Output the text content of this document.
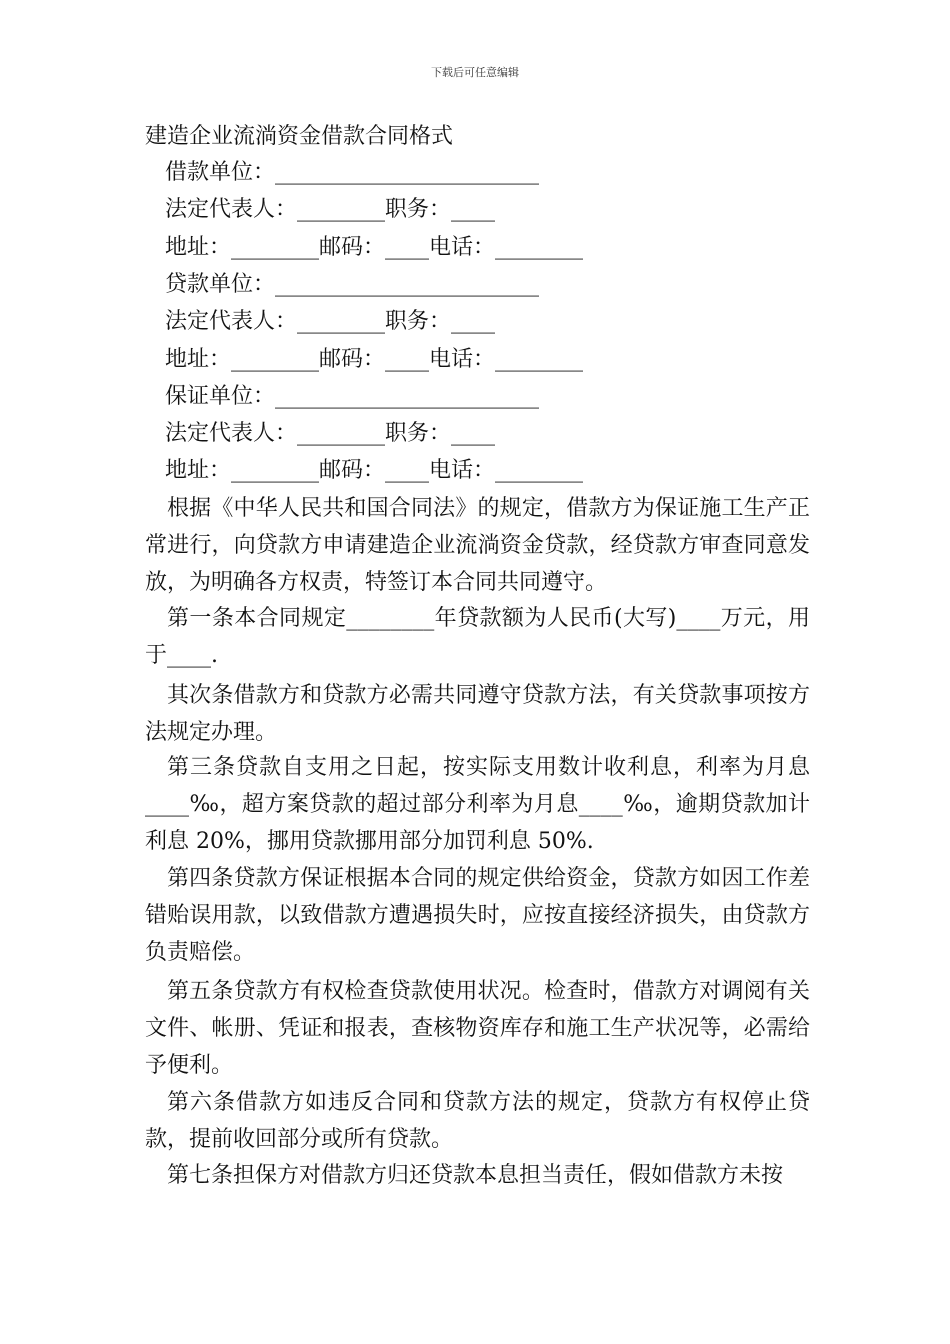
下载后可任意编辑
建造企业流淌资金借款合同格式
借款单位：________________________
法定代表人：________职务：____
地址：________邮码：____电话：________
贷款单位：________________________
法定代表人：________职务：____
地址：________邮码：____电话：________
保证单位：________________________
法定代表人：________职务：____
地址：________邮码：____电话：________
根据《中华人民共和国合同法》的规定，借款方为保证施工生产正常进行，向贷款方申请建造企业流淌资金贷款，经贷款方审查同意发放，为明确各方权责，特签订本合同共同遵守。
第一条本合同规定________年贷款额为人民币(大写)____万元，用于____.
其次条借款方和贷款方必需共同遵守贷款方法，有关贷款事项按方法规定办理。
第三条贷款自支用之日起，按实际支用数计收利息，利率为月息____‰，超方案贷款的超过部分利率为月息____‰，逾期贷款加计利息 20%，挪用贷款挪用部分加罚利息 50%.
第四条贷款方保证根据本合同的规定供给资金，贷款方如因工作差错贻误用款，以致借款方遭遇损失时，应按直接经济损失，由贷款方负责赔偿。
第五条贷款方有权检查贷款使用状况。检查时，借款方对调阅有关文件、帐册、凭证和报表，查核物资库存和施工生产状况等，必需给予便利。
第六条借款方如违反合同和贷款方法的规定，贷款方有权停止贷款，提前收回部分或所有贷款。
第七条担保方对借款方归还贷款本息担当责任，假如借款方未按
